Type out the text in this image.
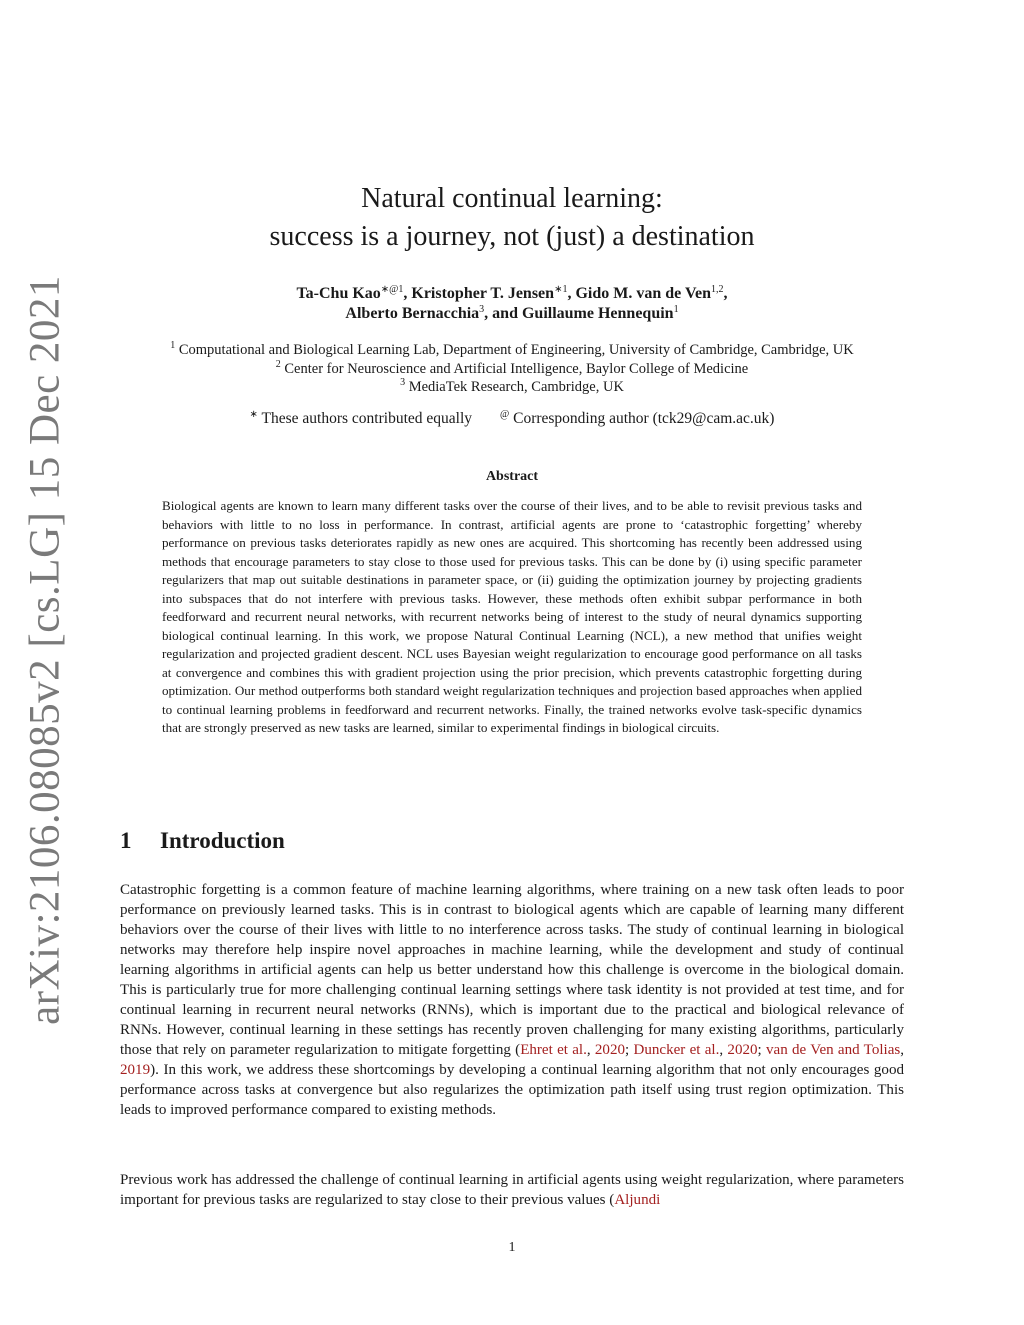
arXiv:2106.08085v2 [cs.LG] 15 Dec 2021
Natural continual learning:
success is a journey, not (just) a destination
Ta-Chu Kao$^{∗@1}$, Kristopher T. Jensen$^{∗1}$, Gido M. van de Ven$^{1,2}$,
Alberto Bernacchia$^3$, and Guillaume Hennequin$^1$
$^1$ Computational and Biological Learning Lab, Department of Engineering, University of Cambridge, Cambridge, UK
$^2$ Center for Neuroscience and Artificial Intelligence, Baylor College of Medicine
$^3$ MediaTek Research, Cambridge, UK
∗ These authors contributed equally	@ Corresponding author (tck29@cam.ac.uk)
Abstract
Biological agents are known to learn many different tasks over the course of their lives, and to be able to revisit previous tasks and behaviors with little to no loss in performance. In contrast, artificial agents are prone to ‘catastrophic forgetting’ whereby performance on previous tasks deteriorates rapidly as new ones are acquired. This shortcoming has recently been addressed using methods that encourage parameters to stay close to those used for previous tasks. This can be done by (i) using specific parameter regularizers that map out suitable destinations in parameter space, or (ii) guiding the optimization journey by projecting gradients into subspaces that do not interfere with previous tasks. However, these methods often exhibit subpar performance in both feedforward and recurrent neural networks, with recurrent networks being of interest to the study of neural dynamics supporting biological continual learning. In this work, we propose Natural Continual Learning (NCL), a new method that unifies weight regularization and projected gradient descent. NCL uses Bayesian weight regularization to encourage good performance on all tasks at convergence and combines this with gradient projection using the prior precision, which prevents catastrophic forgetting during optimization. Our method outperforms both standard weight regularization techniques and projection based approaches when applied to continual learning problems in feedforward and recurrent networks. Finally, the trained networks evolve task-specific dynamics that are strongly preserved as new tasks are learned, similar to experimental findings in biological circuits.
1 Introduction
Catastrophic forgetting is a common feature of machine learning algorithms, where training on a new task often leads to poor performance on previously learned tasks. This is in contrast to biological agents which are capable of learning many different behaviors over the course of their lives with little to no interference across tasks. The study of continual learning in biological networks may therefore help inspire novel approaches in machine learning, while the development and study of continual learning algorithms in artificial agents can help us better understand how this challenge is overcome in the biological domain. This is particularly true for more challenging continual learning settings where task identity is not provided at test time, and for continual learning in recurrent neural networks (RNNs), which is important due to the practical and biological relevance of RNNs. However, continual learning in these settings has recently proven challenging for many existing algorithms, particularly those that rely on parameter regularization to mitigate forgetting (Ehret et al., 2020; Duncker et al., 2020; van de Ven and Tolias, 2019). In this work, we address these shortcomings by developing a continual learning algorithm that not only encourages good performance across tasks at convergence but also regularizes the optimization path itself using trust region optimization. This leads to improved performance compared to existing methods.
Previous work has addressed the challenge of continual learning in artificial agents using weight regularization, where parameters important for previous tasks are regularized to stay close to their previous values (Aljundi
1
